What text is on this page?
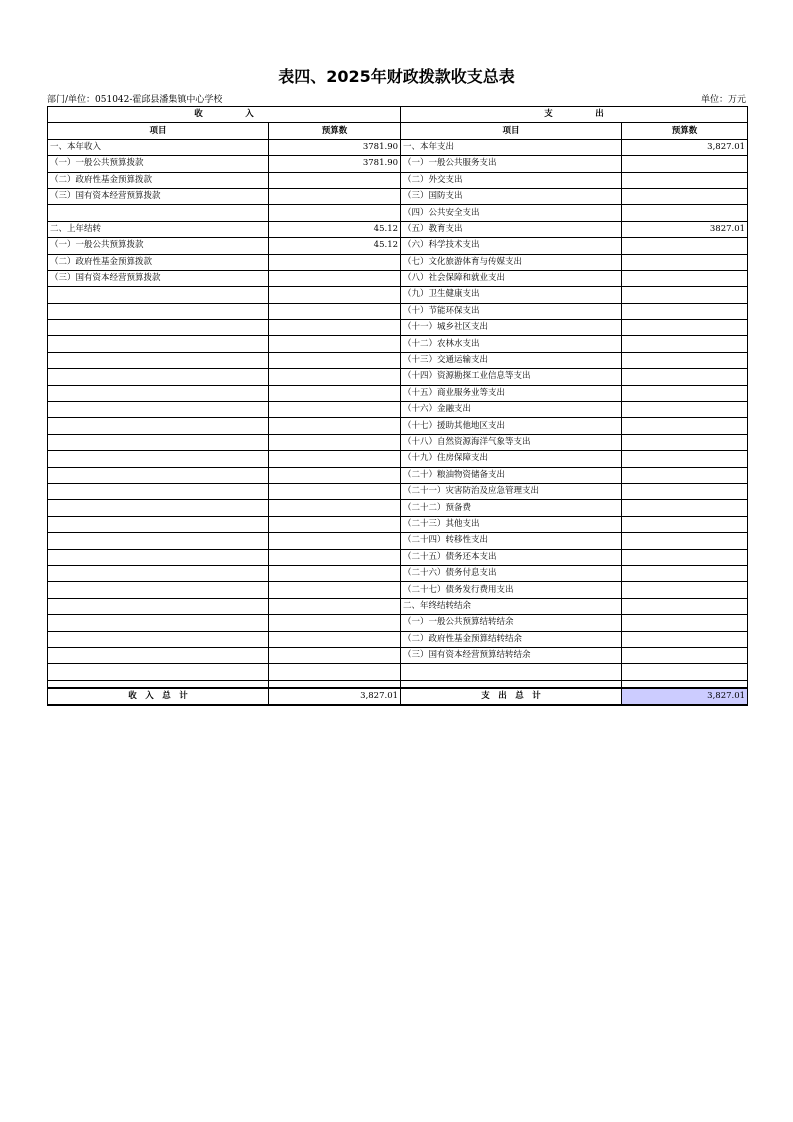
表四、2025年财政拨款收支总表
部门/单位：051042-霍邱县潘集镇中心学校	单位：万元
收　　　　　入		支　　　　　出	
项目	预算数	项目	预算数
一、本年收入	3781.90	一、本年支出	3,827.01
（一）一般公共预算拨款	3781.90	（一）一般公共服务支出	
（二）政府性基金预算拨款		（二）外交支出	
（三）国有资本经营预算拨款		（三）国防支出	
		（四）公共安全支出	
二、上年结转	45.12	（五）教育支出	3827.01
（一）一般公共预算拨款	45.12	（六）科学技术支出	
（二）政府性基金预算拨款		（七）文化旅游体育与传媒支出	
（三）国有资本经营预算拨款		（八）社会保障和就业支出	
		（九）卫生健康支出	
		（十）节能环保支出	
		（十一）城乡社区支出	
		（十二）农林水支出	
		（十三）交通运输支出	
		（十四）资源勘探工业信息等支出	
		（十五）商业服务业等支出	
		（十六）金融支出	
		（十七）援助其他地区支出	
		（十八）自然资源海洋气象等支出	
		（十九）住房保障支出	
		（二十）粮油物资储备支出	
		（二十一）灾害防治及应急管理支出	
		（二十二）预备费	
		（二十三）其他支出	
		（二十四）转移性支出	
		（二十五）债务还本支出	
		（二十六）债务付息支出	
		（二十七）债务发行费用支出	
		二、年终结转结余	
		（一）一般公共预算结转结余	
		（二）政府性基金预算结转结余	
		（三）国有资本经营预算结转结余	

收　入　总　计	3,827.01	支　出　总　计	3,827.01
